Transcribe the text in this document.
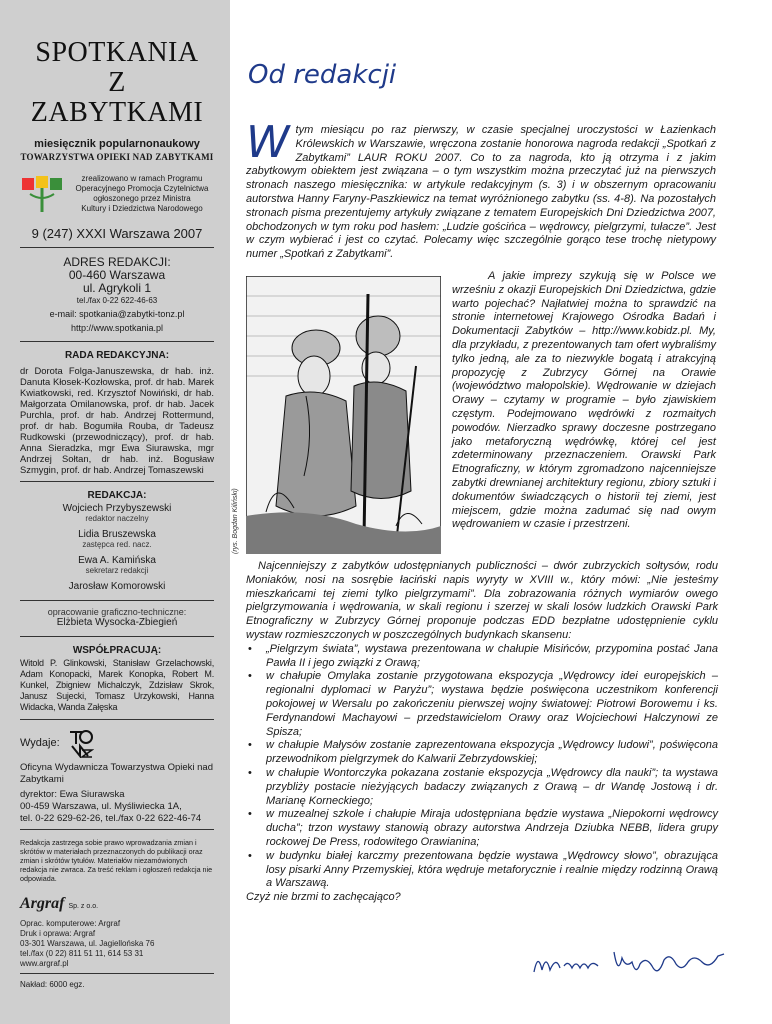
SPOTKANIA
Z ZABYTKAMI
miesięcznik popularnonaukowy
TOWARZYSTWA OPIEKI NAD ZABYTKAMI
zrealizowano w ramach Programu
Operacyjnego Promocja Czytelnictwa
ogłoszonego przez Ministra
Kultury i Dziedzictwa Narodowego
9 (247) XXXI Warszawa 2007
ADRES REDAKCJI:
00-460 Warszawa
ul. Agrykoli 1
tel./fax 0-22 622-46-63
e-mail: spotkania@zabytki-tonz.pl
http://www.spotkania.pl
RADA REDAKCYJNA:
dr Dorota Folga-Januszewska, dr hab. inż. Danuta Kłosek-Kozłowska, prof. dr hab. Marek Kwiatkowski, red. Krzysztof Nowiński, dr hab. Małgorzata Omilanowska, prof. dr hab. Jacek Purchla, prof. dr hab. Andrzej Rottermund, prof. dr hab. Bogumiła Rouba, dr Tadeusz Rudkowski (przewodniczący), prof. dr hab. Anna Sieradzka, mgr Ewa Siurawska, mgr Andrzej Sołtan, dr hab. inż. Bogusław Szmygin, prof. dr hab. Andrzej Tomaszewski
REDAKCJA:
Wojciech Przybyszewski
redaktor naczelny
Lidia Bruszewska
zastępca red. nacz.
Ewa A. Kamińska
sekretarz redakcji
Jarosław Komorowski
opracowanie graficzno-techniczne:
Elżbieta Wysocka-Zbiegień
WSPÓŁPRACUJĄ:
Witold P. Glinkowski, Stanisław Grzelachowski, Adam Konopacki, Marek Konopka, Robert M. Kunkel, Zbigniew Michalczyk, Zdzisław Skrok, Janusz Sujecki, Tomasz Urzykowski, Hanna Widacka, Wanda Załęska
Wydaje:
Oficyna Wydawnicza Towarzystwa Opieki nad Zabytkami
dyrektor: Ewa Siurawska
00-459 Warszawa, ul. Myśliwiecka 1A,
tel. 0-22 629-62-26, tel./fax 0-22 622-46-74
Redakcja zastrzega sobie prawo wprowadzania zmian i skrótów w materiałach przeznaczonych do publikacji oraz zmian i skrótów tytułów. Materiałów niezamówionych redakcja nie zwraca. Za treść reklam i ogłoszeń redakcja nie odpowiada.
Argraf Sp. z o.o.
Oprac. komputerowe: Argraf
Druk i oprawa: Argraf
03-301 Warszawa, ul. Jagiellońska 76
tel./fax (0 22) 811 51 11, 614 53 31
www.argraf.pl
Nakład: 6000 egz.
Od redakcji
W tym miesiącu po raz pierwszy, w czasie specjalnej uroczystości w Łazienkach Królewskich w Warszawie, wręczona zostanie honorowa nagroda redakcji „Spotkań z Zabytkami” LAUR ROKU 2007. Co to za nagroda, kto ją otrzyma i z jakim zabytkowym obiektem jest związana – o tym wszystkim można przeczytać już na pierwszych stronach naszego miesięcznika: w artykule redakcyjnym (s. 3) i w obszernym opracowaniu autorstwa Hanny Faryny-Paszkiewicz na temat wyróżnionego zabytku (ss. 4-8). Na pozostałych stronach pisma prezentujemy artykuły związane z tematem Europejskich Dni Dziedzictwa 2007, obchodzonych w tym roku pod hasłem: „Ludzie gościńca – wędrowcy, pielgrzymi, tułacze”. Jest w czym wybierać i jest co czytać. Polecamy więc szczególnie gorąco tese trochę nietypowy numer „Spotkań z Zabytkami”.
(rys. Bogdan Kiliński)
A jakie imprezy szykują się w Polsce we wrześniu z okazji Europejskich Dni Dziedzictwa, gdzie warto pojechać? Najłatwiej można to sprawdzić na stronie internetowej Krajowego Ośrodka Badań i Dokumentacji Zabytków – http://www.kobidz.pl. My, dla przykładu, z prezentowanych tam ofert wybraliśmy tylko jedną, ale za to niezwykle bogatą i atrakcyjną propozycję z Zubrzycy Górnej na Orawie (województwo małopolskie). Wędrowanie w dziejach Orawy – czytamy w programie – było zjawiskiem częstym. Podejmowano wędrówki z rozmaitych powodów. Nierzadko sprawy doczesne postrzegano jako metaforyczną wędrówkę, której cel jest zdeterminowany przeznaczeniem. Orawski Park Etnograficzny, w którym zgromadzono najcenniejsze zabytki drewnianej architektury regionu, zbiory sztuki i dokumentów świadczących o historii tej ziemi, jest miejscem, gdzie można zadumać się nad owym wędrowaniem w czasie i przestrzeni.

Najcenniejszy z zabytków udostępnianych publiczności – dwór zubrzyckich sołtysów, rodu Moniaków, nosi na sosrębie łaciński napis wyryty w XVIII w., który mówi: „Nie jesteśmy mieszkańcami tej ziemi tylko pielgrzymami”. Dla zobrazowania różnych wymiarów owego pielgrzymowania i wędrowania, w skali regionu i szerzej w skali losów ludzkich Orawski Park Etnograficzny w Zubrzycy Górnej proponuje podczas EDD bezpłatne udostępnienie cyklu wystaw rozmieszczonych w poszczególnych budynkach skansenu:

• „Pielgrzym świata”, wystawa prezentowana w chałupie Misińców, przypomina postać Jana Pawła II i jego związki z Orawą;
• w chałupie Omylaka zostanie przygotowana ekspozycja „Wędrowcy idei europejskich – regionalni dyplomaci w Paryżu”; wystawa będzie poświęcona uczestnikom konferencji pokojowej w Wersalu po zakończeniu pierwszej wojny światowej: Piotrowi Borowemu i ks. Ferdynandowi Machayowi – przedstawicielom Orawy oraz Wojciechowi Halczynowi ze Spisza;
• w chałupie Małysów zostanie zaprezentowana ekspozycja „Wędrowcy ludowi”, poświęcona przewodnikom pielgrzymek do Kalwarii Zebrzydowskiej;
• w chałupie Wontorczyka pokazana zostanie ekspozycja „Wędrowcy dla nauki”; ta wystawa przybliży postacie nieżyjących badaczy związanych z Orawą – dr Wandę Jostową i dr. Marianę Korneckiego;
• w muzealnej szkole i chałupie Miraja udostępniana będzie wystawa „Niepokorni wędrowcy ducha”; trzon wystawy stanowią obrazy autorstwa Andrzeja Dziubka NEBB, lidera grupy rockowej De Press, rodowitego Orawianina;
• w budynku białej karczmy prezentowana będzie wystawa „Wędrowcy słowo”, obrazująca losy pisarki Anny Przemyskiej, która wędruje metaforycznie i realnie między rodzinną Orawą a Warszawą.

Czyż nie brzmi to zachęcająco?
